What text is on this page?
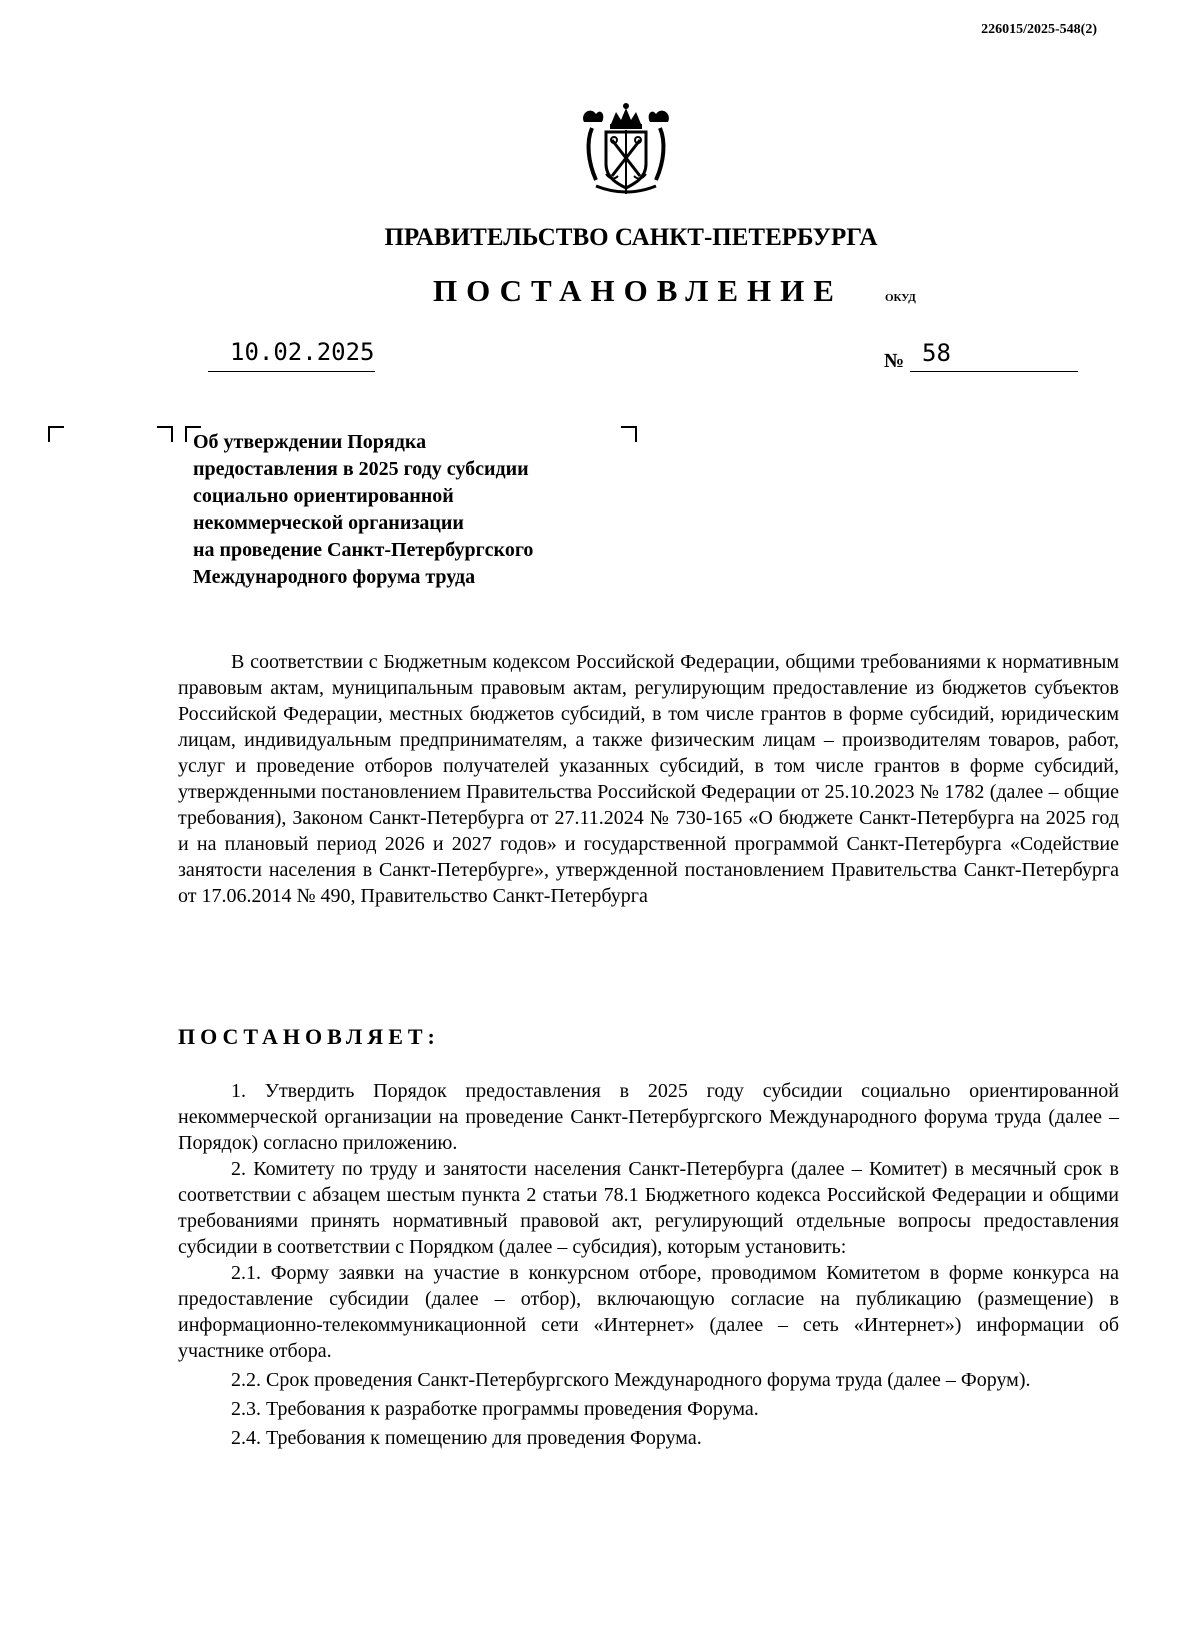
226015/2025-548(2)
ПРАВИТЕЛЬСТВО САНКТ-ПЕТЕРБУРГА
ПОСТАНОВЛЕНИЕ	ОКУД
10.02.2025	№ 58
Об утверждении Порядка
предоставления в 2025 году субсидии
социально ориентированной
некоммерческой организации
на проведение Санкт-Петербургского
Международного форума труда
В соответствии с Бюджетным кодексом Российской Федерации, общими требованиями к нормативным правовым актам, муниципальным правовым актам, регулирующим предоставление из бюджетов субъектов Российской Федерации, местных бюджетов субсидий, в том числе грантов в форме субсидий, юридическим лицам, индивидуальным предпринимателям, а также физическим лицам – производителям товаров, работ, услуг и проведение отборов получателей указанных субсидий, в том числе грантов в форме субсидий, утвержденными постановлением Правительства Российской Федерации от 25.10.2023 № 1782 (далее – общие требования), Законом Санкт-Петербурга от 27.11.2024 № 730-165 «О бюджете Санкт-Петербурга на 2025 год и на плановый период 2026 и 2027 годов» и государственной программой Санкт-Петербурга «Содействие занятости населения в Санкт-Петербурге», утвержденной постановлением Правительства Санкт-Петербурга от 17.06.2014 № 490, Правительство Санкт-Петербурга
ПОСТАНОВЛЯЕТ:

1. Утвердить Порядок предоставления в 2025 году субсидии социально ориентированной некоммерческой организации на проведение Санкт-Петербургского Международного форума труда (далее – Порядок) согласно приложению.

2. Комитету по труду и занятости населения Санкт-Петербурга (далее – Комитет) в месячный срок в соответствии с абзацем шестым пункта 2 статьи 78.1 Бюджетного кодекса Российской Федерации и общими требованиями принять нормативный правовой акт, регулирующий отдельные вопросы предоставления субсидии в соответствии с Порядком (далее – субсидия), которым установить:

2.1. Форму заявки на участие в конкурсном отборе, проводимом Комитетом в форме конкурса на предоставление субсидии (далее – отбор), включающую согласие на публикацию (размещение) в информационно-телекоммуникационной сети «Интернет» (далее – сеть «Интернет») информации об участнике отбора.

2.2. Срок проведения Санкт-Петербургского Международного форума труда (далее – Форум).

2.3. Требования к разработке программы проведения Форума.

2.4. Требования к помещению для проведения Форума.
